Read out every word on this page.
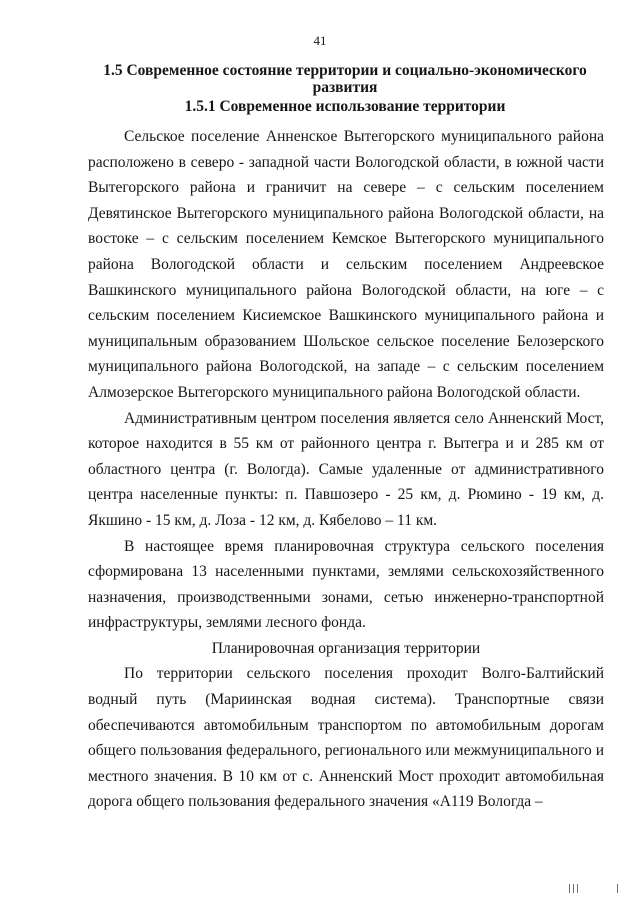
41
1.5 Современное состояние территории и социально-экономического развития
1.5.1 Современное использование территории

Сельское поселение Анненское Вытегорского муниципального района расположено в северо - западной части Вологодской области, в южной части Вытегорского района и граничит на севере – с сельским поселением Девятинское Вытегорского муниципального района Вологодской области, на востоке – с сельским поселением Кемское Вытегорского муниципального района Вологодской области и сельским поселением Андреевское Вашкинского муниципального района Вологодской области, на юге – с сельским поселением Кисиемское Вашкинского муниципального района и муниципальным образованием Шольское сельское поселение Белозерского муниципального района Вологодской, на западе – с сельским поселением Алмозерское Вытегорского муниципального района Вологодской области.

Административным центром поселения является село Анненский Мост, которое находится в 55 км от районного центра г. Вытегра и и 285 км от областного центра (г. Вологда). Самые удаленные от административного центра населенные пункты: п. Павшозеро - 25 км, д. Рюмино - 19 км, д. Якшино - 15 км, д. Лоза - 12 км, д. Кябелово – 11 км.

В настоящее время планировочная структура сельского поселения сформирована 13 населенными пунктами, землями сельскохозяйственного назначения, производственными зонами, сетью инженерно-транспортной инфраструктуры, землями лесного фонда.

Планировочная организация территории

По территории сельского поселения проходит Волго-Балтийский водный путь (Мариинская водная система). Транспортные связи обеспечиваются автомобильным транспортом по автомобильным дорогам общего пользования федерального, регионального или межмуниципального и местного значения. В 10 км от с. Анненский Мост проходит автомобильная дорога общего пользования федерального значения «А119 Вологда –

|||	|
